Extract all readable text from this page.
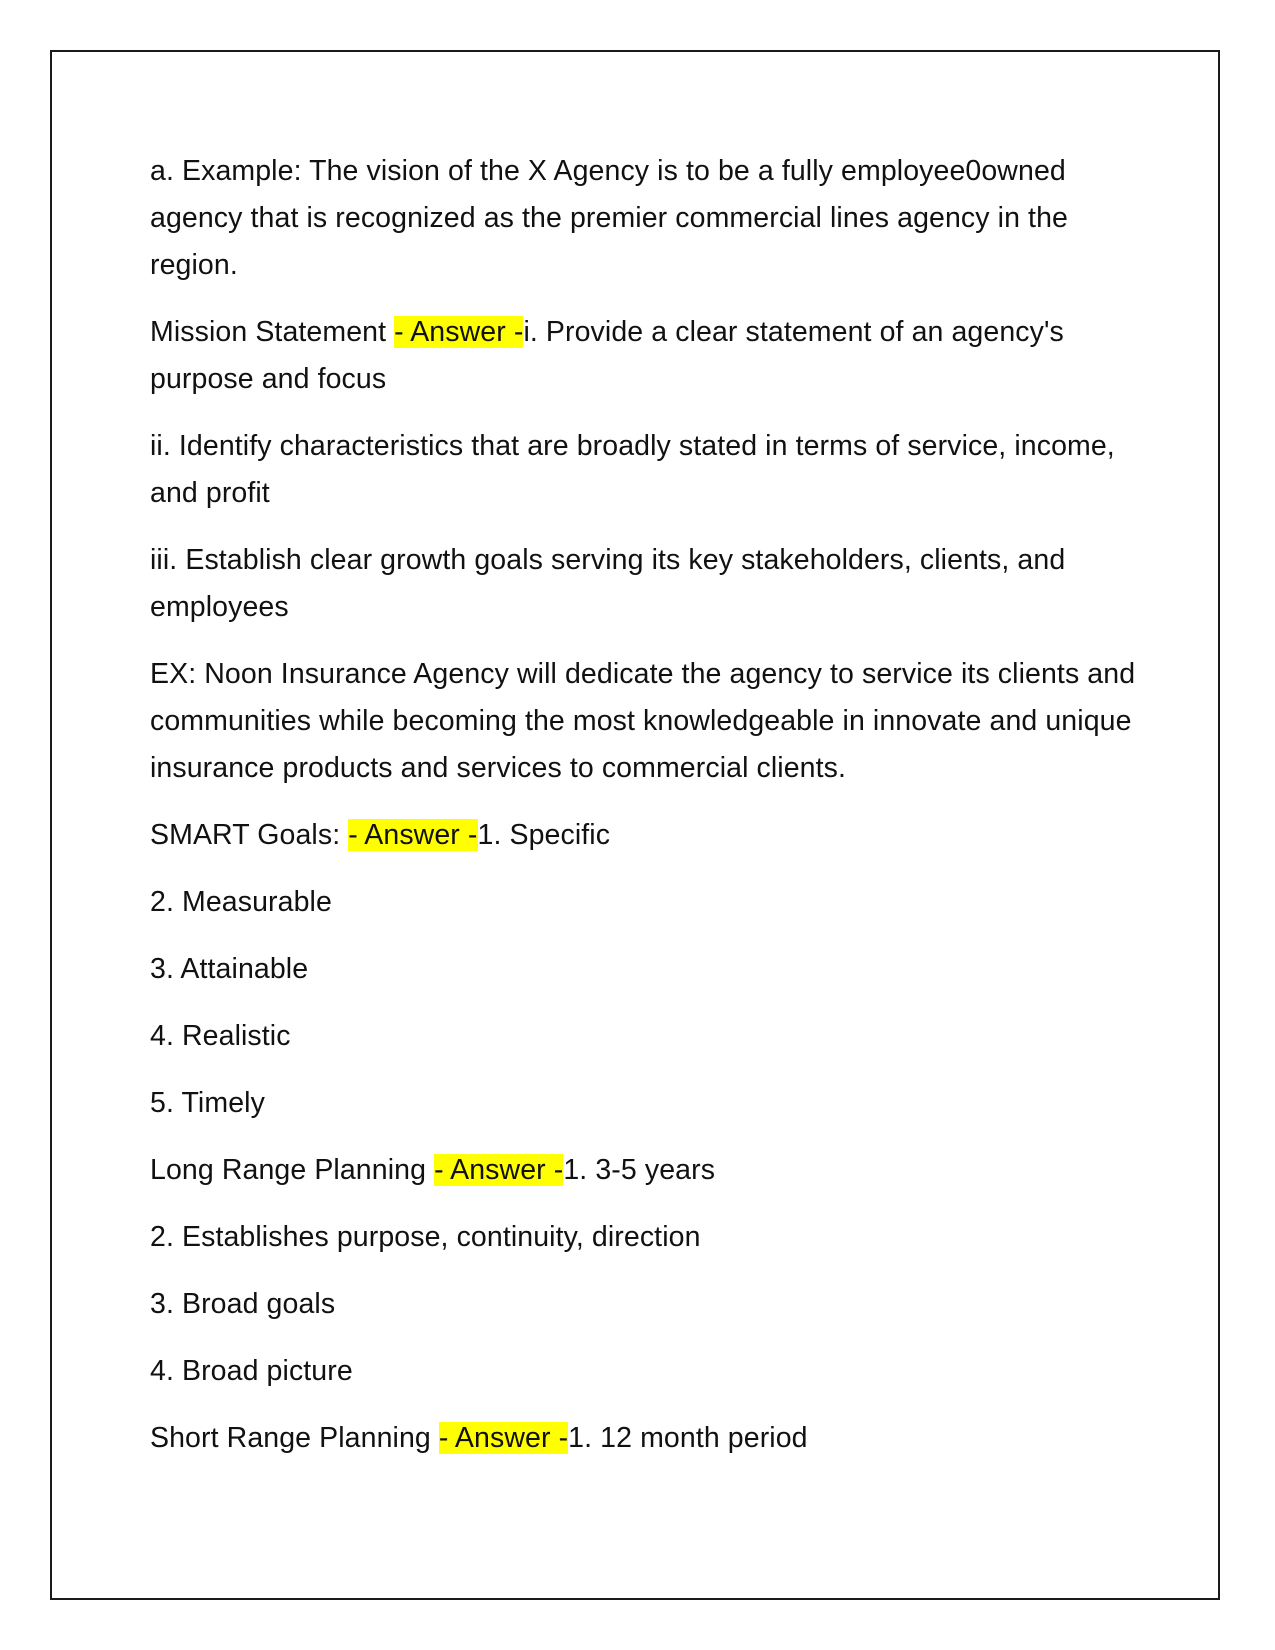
a. Example: The vision of the X Agency is to be a fully employee0owned agency that is recognized as the premier commercial lines agency in the region.

Mission Statement - Answer -i. Provide a clear statement of an agency's purpose and focus

ii. Identify characteristics that are broadly stated in terms of service, income, and profit

iii. Establish clear growth goals serving its key stakeholders, clients, and employees

EX: Noon Insurance Agency will dedicate the agency to service its clients and communities while becoming the most knowledgeable in innovate and unique insurance products and services to commercial clients.

SMART Goals: - Answer -1. Specific

2. Measurable

3. Attainable

4. Realistic

5. Timely

Long Range Planning - Answer -1. 3-5 years

2. Establishes purpose, continuity, direction

3. Broad goals

4. Broad picture

Short Range Planning - Answer -1. 12 month period
